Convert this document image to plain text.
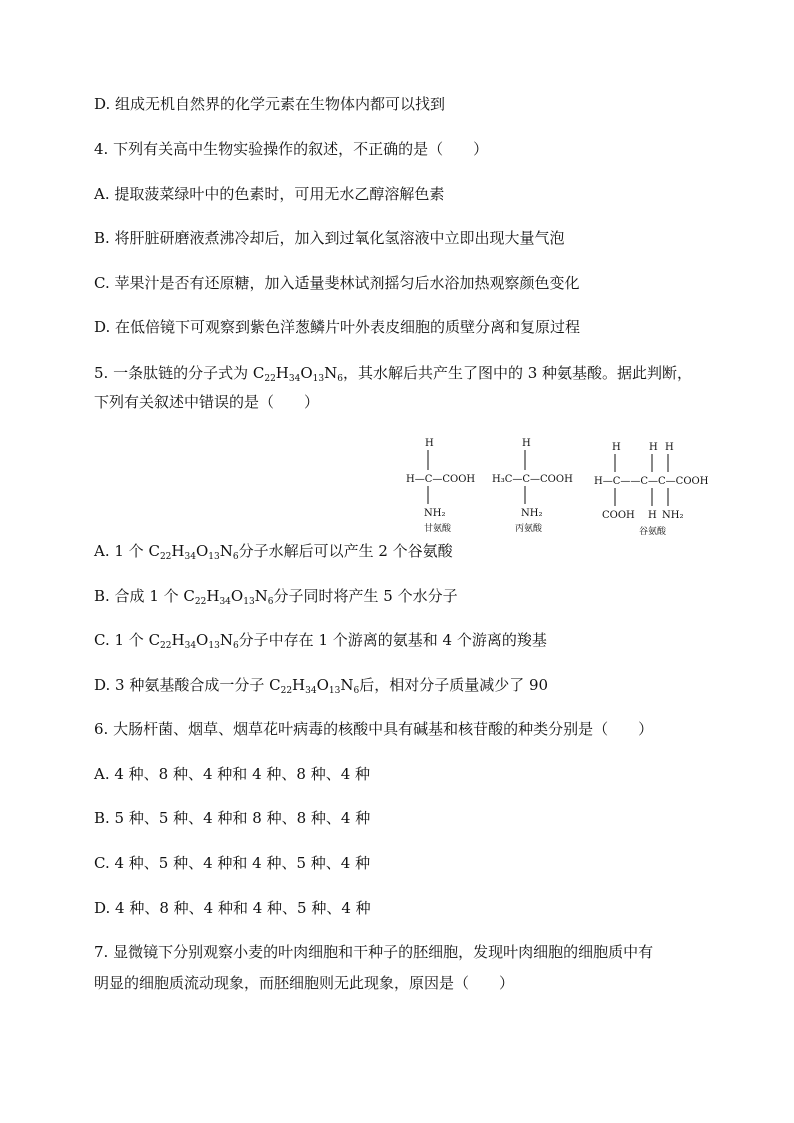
D. 组成无机自然界的化学元素在生物体内都可以找到
4. 下列有关高中生物实验操作的叙述，不正确的是（　　）
A. 提取菠菜绿叶中的色素时，可用无水乙醇溶解色素
B. 将肝脏研磨液煮沸冷却后，加入到过氧化氢溶液中立即出现大量气泡
C. 苹果汁是否有还原糖，加入适量斐林试剂摇匀后水浴加热观察颜色变化
D. 在低倍镜下可观察到紫色洋葱鳞片叶外表皮细胞的质壁分离和复原过程
5. 一条肽链的分子式为 $C_{22}H_{34}O_{13}N_6$，其水解后共产生了图中的 3 种氨基酸。据此判断，
下列有关叙述中错误的是（　　）
H
H—C—COOH
NH₂
甘氨酸
H
H₃C—C—COOH
NH₂
丙氨酸
H	H H
H—C——C—C—COOH
COOH H NH₂
谷氨酸
A. 1 个 $C_{22}H_{34}O_{13}N_6$分子水解后可以产生 2 个谷氨酸
B. 合成 1 个 $C_{22}H_{34}O_{13}N_6$分子同时将产生 5 个水分子
C. 1 个 $C_{22}H_{34}O_{13}N_6$分子中存在 1 个游离的氨基和 4 个游离的羧基
D. 3 种氨基酸合成一分子 $C_{22}H_{34}O_{13}N_6$后，相对分子质量减少了 90
6. 大肠杆菌、烟草、烟草花叶病毒的核酸中具有碱基和核苷酸的种类分别是（　　）
A. 4 种、8 种、4 种和 4 种、8 种、4 种
B. 5 种、5 种、4 种和 8 种、8 种、4 种
C. 4 种、5 种、4 种和 4 种、5 种、4 种
D. 4 种、8 种、4 种和 4 种、5 种、4 种
7. 显微镜下分别观察小麦的叶肉细胞和干种子的胚细胞，发现叶肉细胞的细胞质中有
明显的细胞质流动现象，而胚细胞则无此现象，原因是（　　）
